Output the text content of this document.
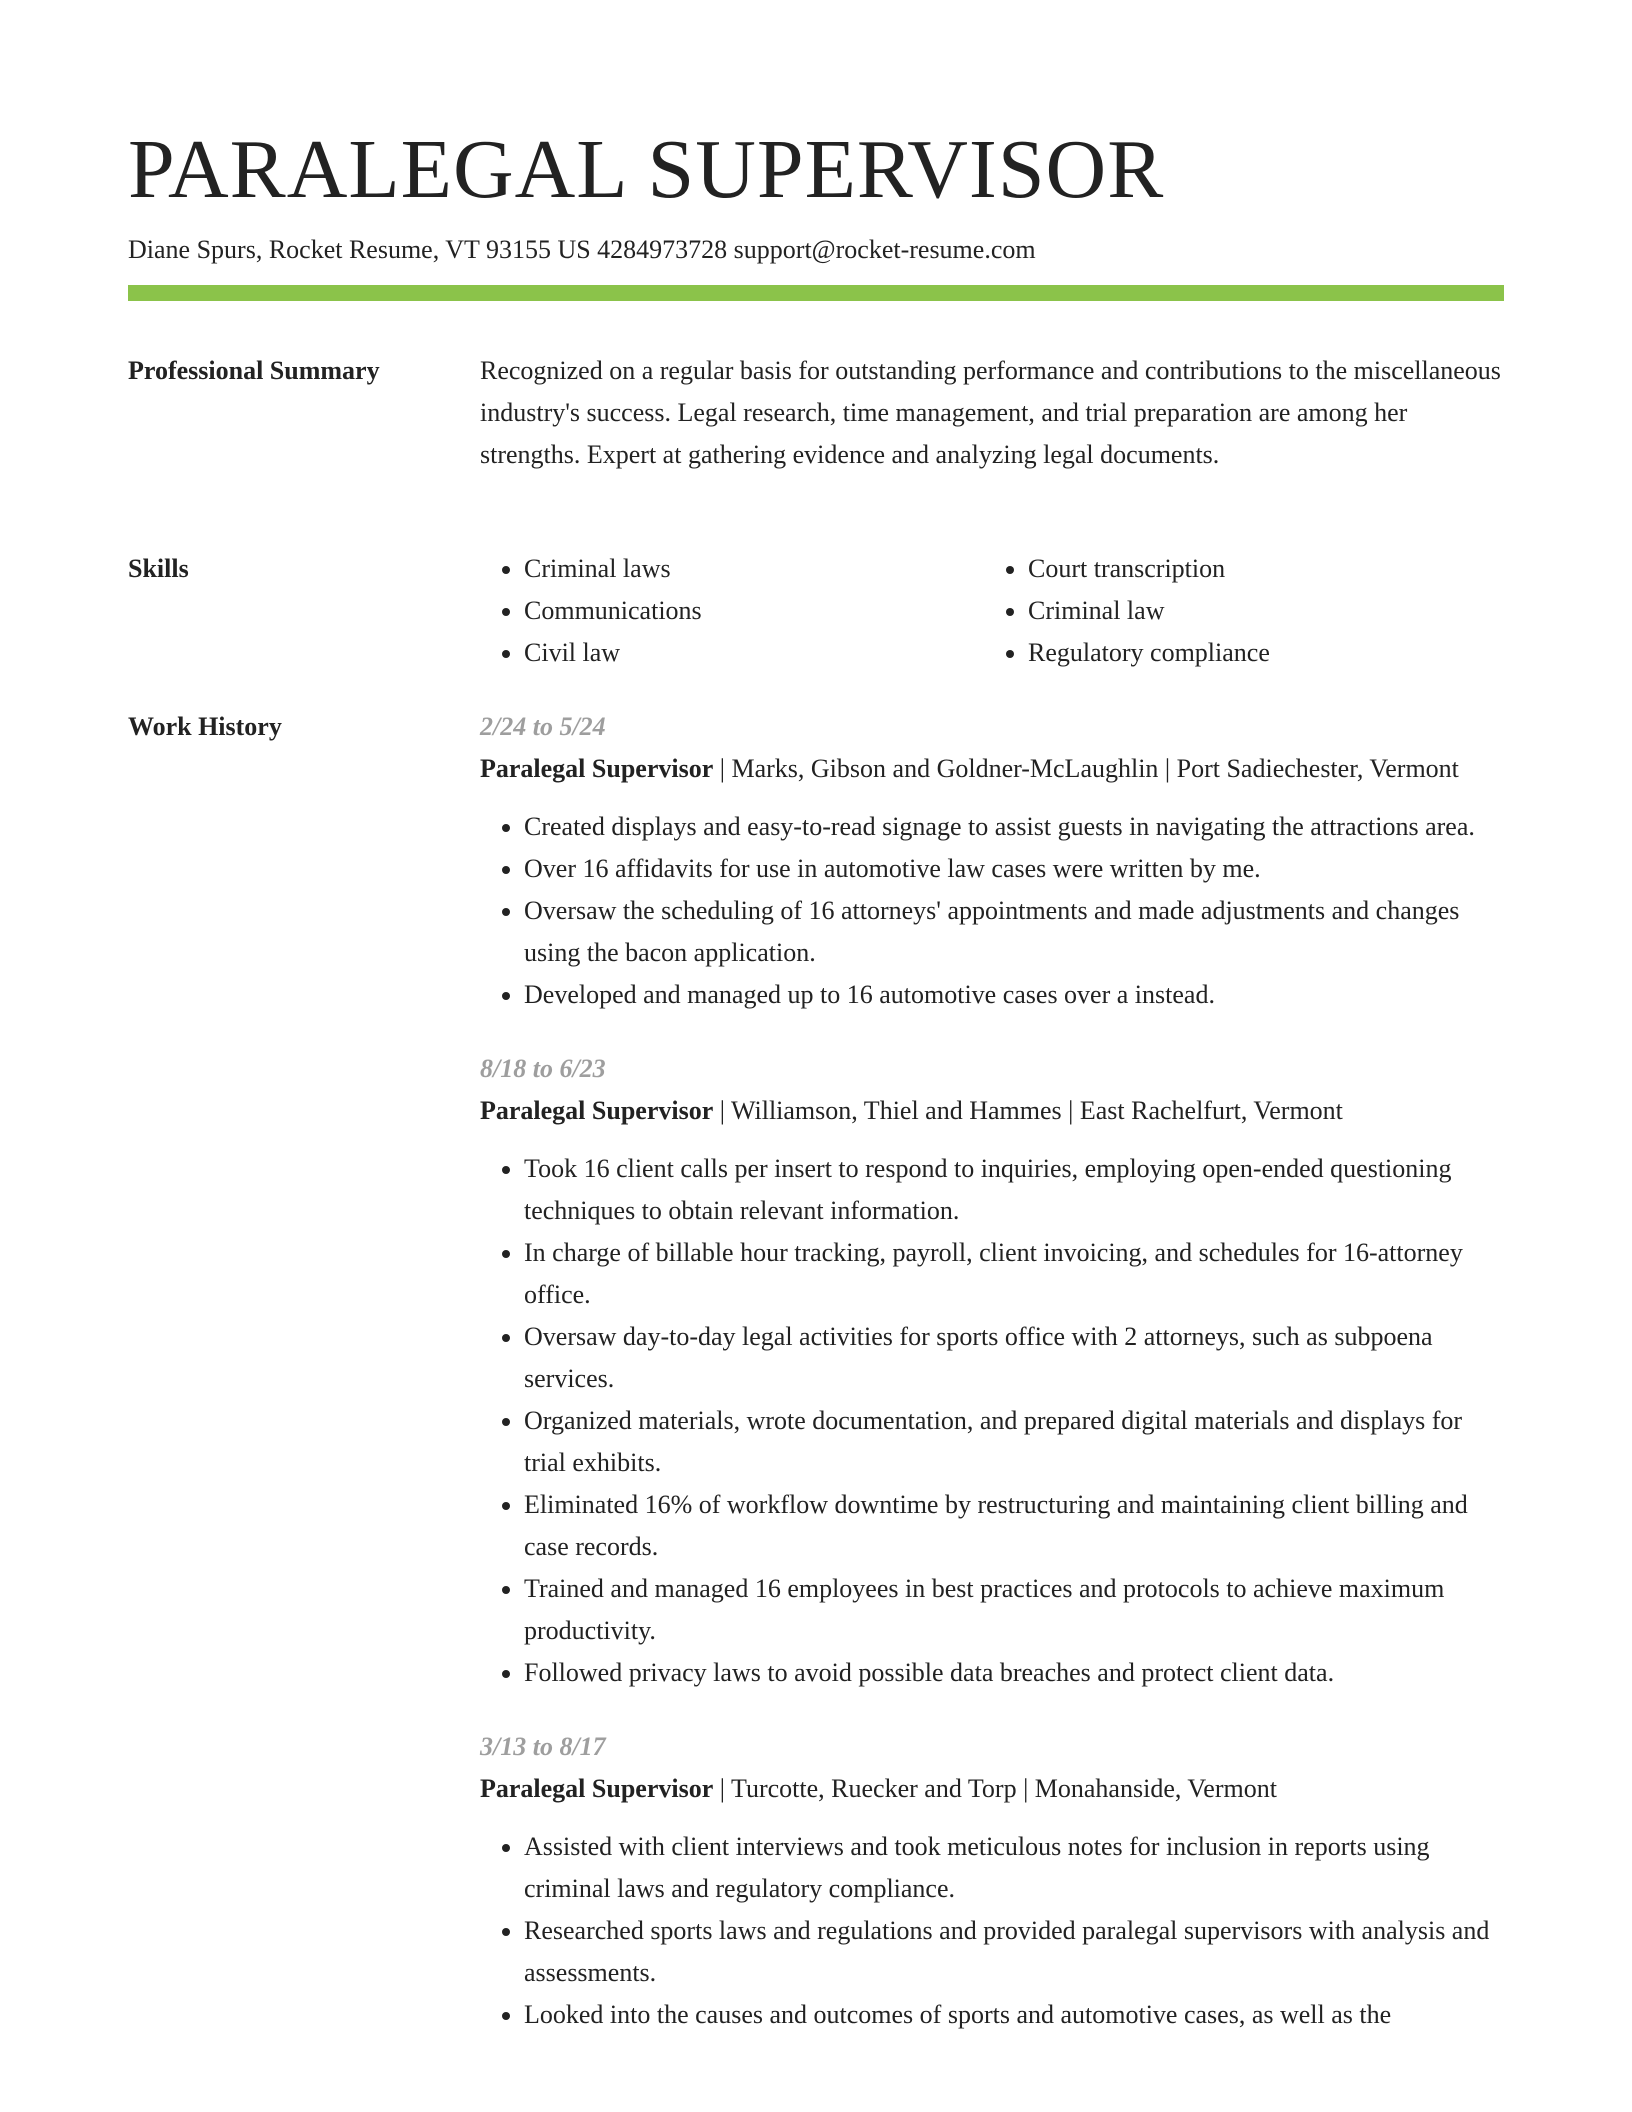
PARALEGAL SUPERVISOR
Diane Spurs, Rocket Resume, VT 93155 US 4284973728 support@rocket-resume.com
Professional Summary	Recognized on a regular basis for outstanding performance and contributions to the miscellaneous industry's success. Legal research, time management, and trial preparation are among her strengths. Expert at gathering evidence and analyzing legal documents.

Skills
•	Criminal laws
• Communications
• Civil law
• Court transcription
• Criminal law
• Regulatory compliance
Work History	2/24 to 5/24
Paralegal Supervisor | Marks, Gibson and Goldner-McLaughlin | Port Sadiechester, Vermont
• Created displays and easy-to-read signage to assist guests in navigating the attractions area.
• Over 16 affidavits for use in automotive law cases were written by me.
• Oversaw the scheduling of 16 attorneys' appointments and made adjustments and changes using the bacon application.
• Developed and managed up to 16 automotive cases over a instead.
8/18 to 6/23
Paralegal Supervisor | Williamson, Thiel and Hammes | East Rachelfurt, Vermont
• Took 16 client calls per insert to respond to inquiries, employing open-ended questioning techniques to obtain relevant information.
• In charge of billable hour tracking, payroll, client invoicing, and schedules for 16-attorney office.
• Oversaw day-to-day legal activities for sports office with 2 attorneys, such as subpoena services.
• Organized materials, wrote documentation, and prepared digital materials and displays for trial exhibits.
• Eliminated 16% of workflow downtime by restructuring and maintaining client billing and case records.
• Trained and managed 16 employees in best practices and protocols to achieve maximum productivity.
• Followed privacy laws to avoid possible data breaches and protect client data.
3/13 to 8/17
Paralegal Supervisor | Turcotte, Ruecker and Torp | Monahanside, Vermont
• Assisted with client interviews and took meticulous notes for inclusion in reports using criminal laws and regulatory compliance.
• Researched sports laws and regulations and provided paralegal supervisors with analysis and assessments.
• Looked into the causes and outcomes of sports and automotive cases, as well as the
